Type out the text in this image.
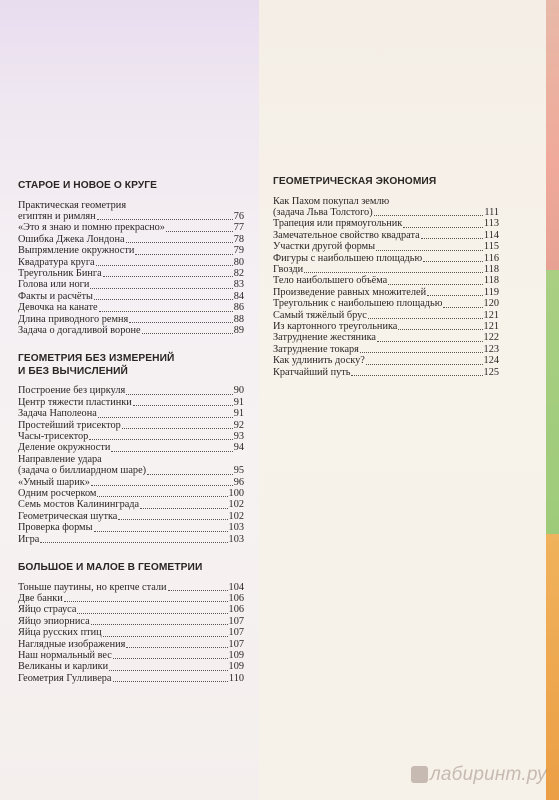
СТАРОЕ И НОВОЕ О КРУГЕ
Практическая геометрия
египтян и римлян	76
«Это я знаю и помню прекрасно»	77
Ошибка Джека Лондона	78
Выпрямление окружности	79
Квадратура круга	80
Треугольник Бинга	82
Голова или ноги	83
Факты и расчёты	84
Девочка на канате	86
Длина приводного ремня	88
Задача о догадливой вороне	89
ГЕОМЕТРИЯ БЕЗ ИЗМЕРЕНИЙ
И БЕЗ ВЫЧИСЛЕНИЙ
Построение без циркуля	90
Центр тяжести пластинки	91
Задача Наполеона	91
Простейший трисектор	92
Часы-трисектор	93
Деление окружности	94
Направление удара
(задача о биллиардном шаре)	95
«Умный шарик»	96
Одним росчерком	100
Семь мостов Калининграда	102
Геометрическая шутка	102
Проверка формы	103
Игра	103
БОЛЬШОЕ И МАЛОЕ В ГЕОМЕТРИИ
Тоньше паутины, но крепче стали	104
Две банки	106
Яйцо страуса	106
Яйцо эпиорниса	107
Яйца русских птиц	107
Наглядные изображения	107
Наш нормальный вес	109
Великаны и карлики	109
Геометрия Гулливера	110
ГЕОМЕТРИЧЕСКАЯ ЭКОНОМИЯ
Как Пахом покупал землю
(задача Льва Толстого)	111
Трапеция или прямоугольник	113
Замечательное свойство квадрата	114
Участки другой формы	115
Фигуры с наибольшею площадью	116
Гвозди	118
Тело наибольшего объёма	118
Произведение равных множителей	119
Треугольник с наибольшею площадью	120
Самый тяжёлый брус	121
Из картонного треугольника	121
Затруднение жестяника	122
Затруднение токаря	123
Как удлинить доску?	124
Кратчайший путь	125
лабиринт.ру
